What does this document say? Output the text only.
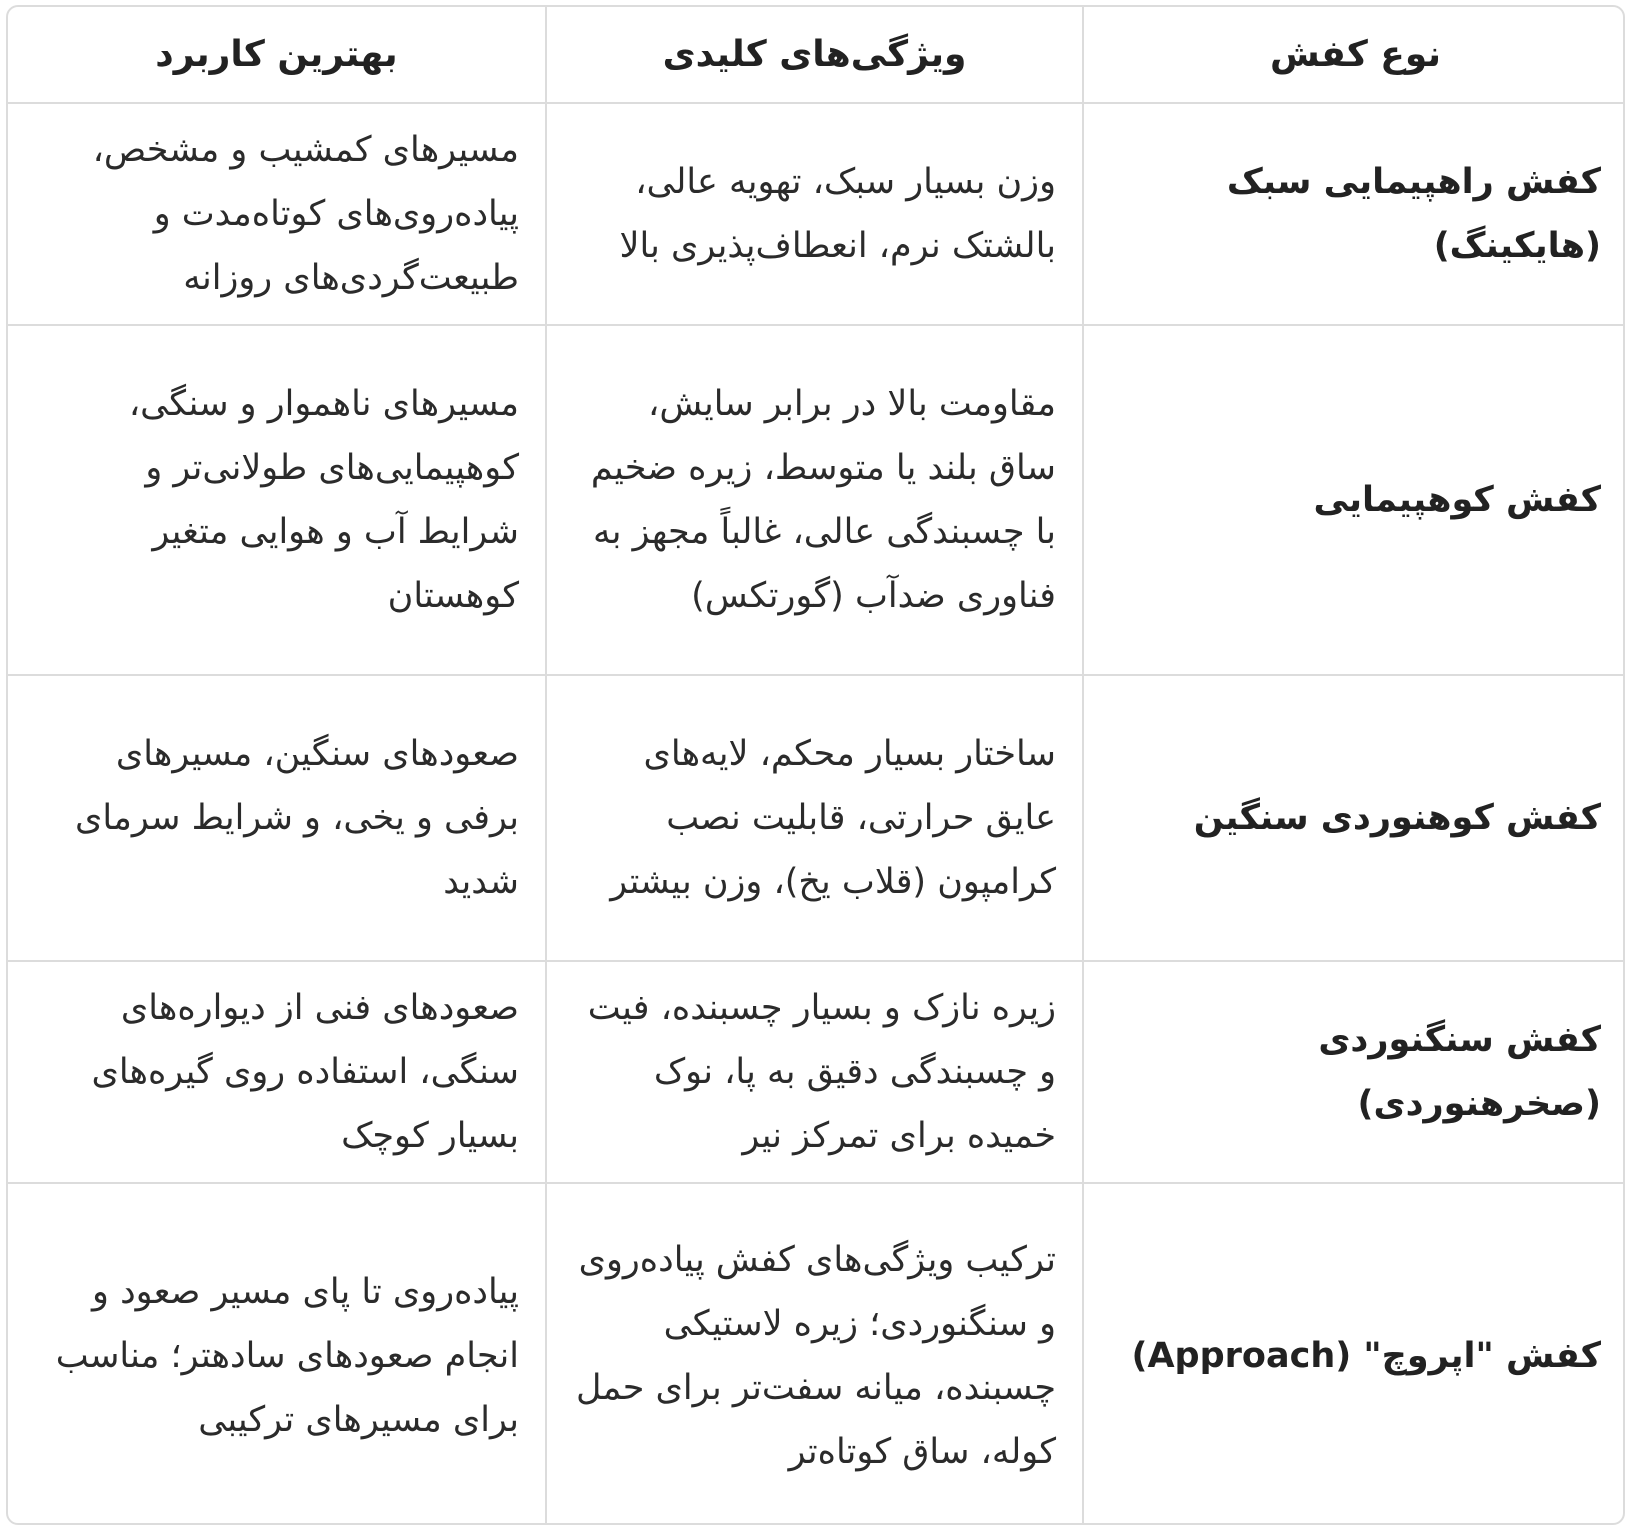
نوع کفش	ویژگی‌های کلیدی	بهترین کاربرد
کفش راهپیمایی سبک (هایکینگ)	وزن بسیار سبک، تهویه عالی، بالشتک نرم، انعطاف‌پذیری بالا	مسیرهای کمشیب و مشخص، پیاده‌روی‌های کوتاه‌مدت و طبیعت‌گردی‌های روزانه
کفش کوهپیمایی	مقاومت بالا در برابر سایش، ساق بلند یا متوسط، زیره ضخیم با چسبندگی عالی، غالباً مجهز به فناوری ضدآب (گورتکس)	مسیرهای ناهموار و سنگی، کوهپیمایی‌های طولانی‌تر و شرایط آب و هوایی متغیر کوهستان
کفش کوهنوردی سنگین	ساختار بسیار محکم، لایه‌های عایق حرارتی، قابلیت نصب کرامپون (قلاب یخ)، وزن بیشتر	صعودهای سنگین، مسیرهای برفی و یخی، و شرایط سرمای شدید
کفش سنگنوردی (صخرهنوردی)	زیره نازک و بسیار چسبنده، فیت و چسبندگی دقیق به پا، نوک خمیده برای تمرکز نیر	صعودهای فنی از دیواره‌های سنگی، استفاده روی گیره‌های بسیار کوچک
کفش "اپروچ" (Approach)	ترکیب ویژگی‌های کفش پیاده‌روی و سنگنوردی؛ زیره لاستیکی چسبنده، میانه سفت‌تر برای حمل کوله، ساق کوتاه‌تر	پیاده‌روی تا پای مسیر صعود و انجام صعودهای سادهتر؛ مناسب برای مسیرهای ترکیبی
